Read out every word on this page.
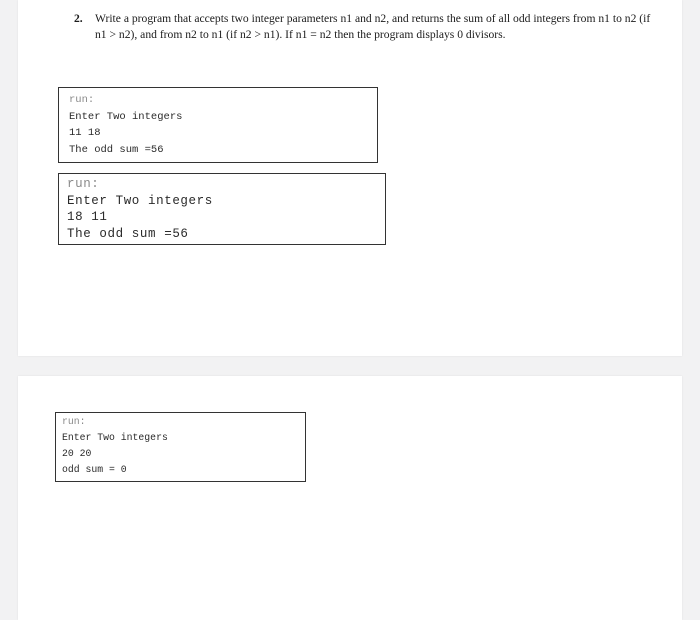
2.	Write a program that accepts two integer parameters n1 and n2, and returns the sum of all odd integers from n1 to n2 (if n1 > n2), and from n2 to n1 (if n2 > n1). If n1 = n2 then the program displays 0 divisors.
run:
Enter Two integers
11 18
The odd sum =56
run:
Enter Two integers
18 11
The odd sum =56
run:
Enter Two integers
20 20
odd sum = 0
